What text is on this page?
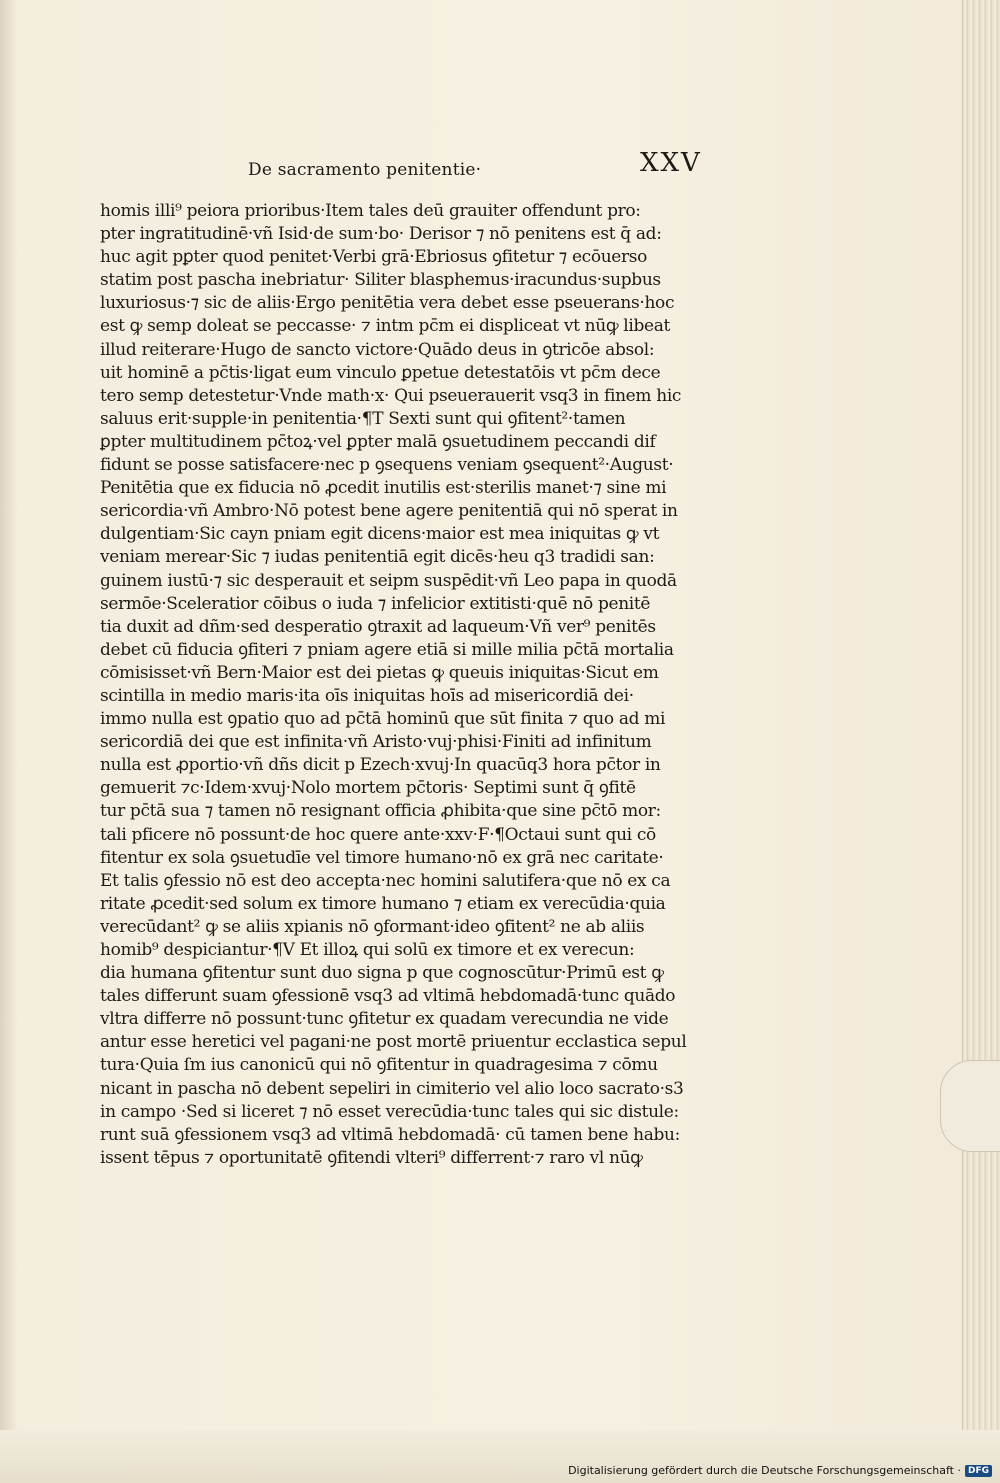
De sacramento penitentie·	XXV
homis illi⁹ peiora prioribus·Item tales deū grauiter offendunt pro:
pter ingratitudinē·vñ Isid·de sum·bo· Derisor ⁊ nō penitens est q̄ ad:
huc agit pꝑter quod penitet·Verbi grā·Ebriosus ꝯfitetur ⁊ ecōuerso
statim post pascha inebriatur· Siliter blasphemus·iracundus·supbus
luxuriosus·⁊ sic de aliis·Ergo penitētia vera debet esse pseuerans·hoc
est ꝙ semp doleat se peccasse· ⁊ intm pc̄m ei displiceat vt nūꝙ libeat
illud reiterare·Hugo de sancto victore·Quādo deus in ꝯtricōe absol:
uit hominē a pc̄tis·ligat eum vinculo ꝑpetue detestatōis vt pc̄m dece
tero semp detestetur·Vnde math·x· Qui pseuerauerit vsq3 in finem hic
saluus erit·supple·in penitentia·¶T Sexti sunt qui ꝯfitent²·tamen
ꝑpter multitudinem pc̄toꝝ·vel ꝑpter malā ꝯsuetudinem peccandi dif
fidunt se posse satisfacere·nec p ꝯsequens veniam ꝯsequent²·August·
Penitētia que ex fiducia nō ꝓcedit inutilis est·sterilis manet·⁊ sine mi
sericordia·vñ Ambro·Nō potest bene agere penitentiā qui nō sperat in
dulgentiam·Sic cayn pniam egit dicens·maior est mea iniquitas ꝙ vt
veniam merear·Sic ⁊ iudas penitentiā egit dicēs·heu q3 tradidi san:
guinem iustū·⁊ sic desperauit et seipm suspēdit·vñ Leo papa in quodā
sermōe·Sceleratior cōibus o iuda ⁊ infelicior extitisti·quē nō penitē
tia duxit ad dñm·sed desperatio ꝯtraxit ad laqueum·Vñ ver⁹ penitēs
debet cū fiducia ꝯfiteri ⁊ pniam agere etiā si mille milia pc̄tā mortalia
cōmisisset·vñ Bern·Maior est dei pietas ꝙ queuis iniquitas·Sicut em
scintilla in medio maris·ita oīs iniquitas hoīs ad misericordiā dei·
immo nulla est ꝯpatio quo ad pc̄tā hominū que sūt finita ⁊ quo ad mi
sericordiā dei que est infinita·vñ Aristo·vuj·phisi·Finiti ad infinitum
nulla est ꝓportio·vñ dñs dicit p Ezech·xvuj·In quacūq3 hora pc̄tor in
gemuerit ⁊c·Idem·xvuj·Nolo mortem pc̄toris· Septimi sunt q̄ ꝯfitē
tur pc̄tā sua ⁊ tamen nō resignant officia ꝓhibita·que sine pc̄tō mor:
tali pficere nō possunt·de hoc quere ante·xxv·F·¶Octaui sunt qui cō
fitentur ex sola ꝯsuetudīe vel timore humano·nō ex grā nec caritate·
Et talis ꝯfessio nō est deo accepta·nec homini salutifera·que nō ex ca
ritate ꝓcedit·sed solum ex timore humano ⁊ etiam ex verecūdia·quia
verecūdant² ꝙ se aliis xpianis nō ꝯformant·ideo ꝯfitent² ne ab aliis
homib⁹ despiciantur·¶V Et illoꝝ qui solū ex timore et ex verecun:
dia humana ꝯfitentur sunt duo signa p que cognoscūtur·Primū est ꝙ
tales differunt suam ꝯfessionē vsq3 ad vltimā hebdomadā·tunc quādo
vltra differre nō possunt·tunc ꝯfitetur ex quadam verecundia ne vide
antur esse heretici vel pagani·ne post mortē priuentur ecclastica sepul
tura·Quia ſm ius canonicū qui nō ꝯfitentur in quadragesima ⁊ cōmu
nicant in pascha nō debent sepeliri in cimiterio vel alio loco sacrato·s3
in campo ·Sed si liceret ⁊ nō esset verecūdia·tunc tales qui sic distule:
runt suā ꝯfessionem vsq3 ad vltimā hebdomadā· cū tamen bene habu:
issent tēpus ⁊ oportunitatē ꝯfitendi vlteri⁹ differrent·⁊ raro vl nūꝙ
Digitalisierung gefördert durch die Deutsche Forschungsgemeinschaft · DFG
